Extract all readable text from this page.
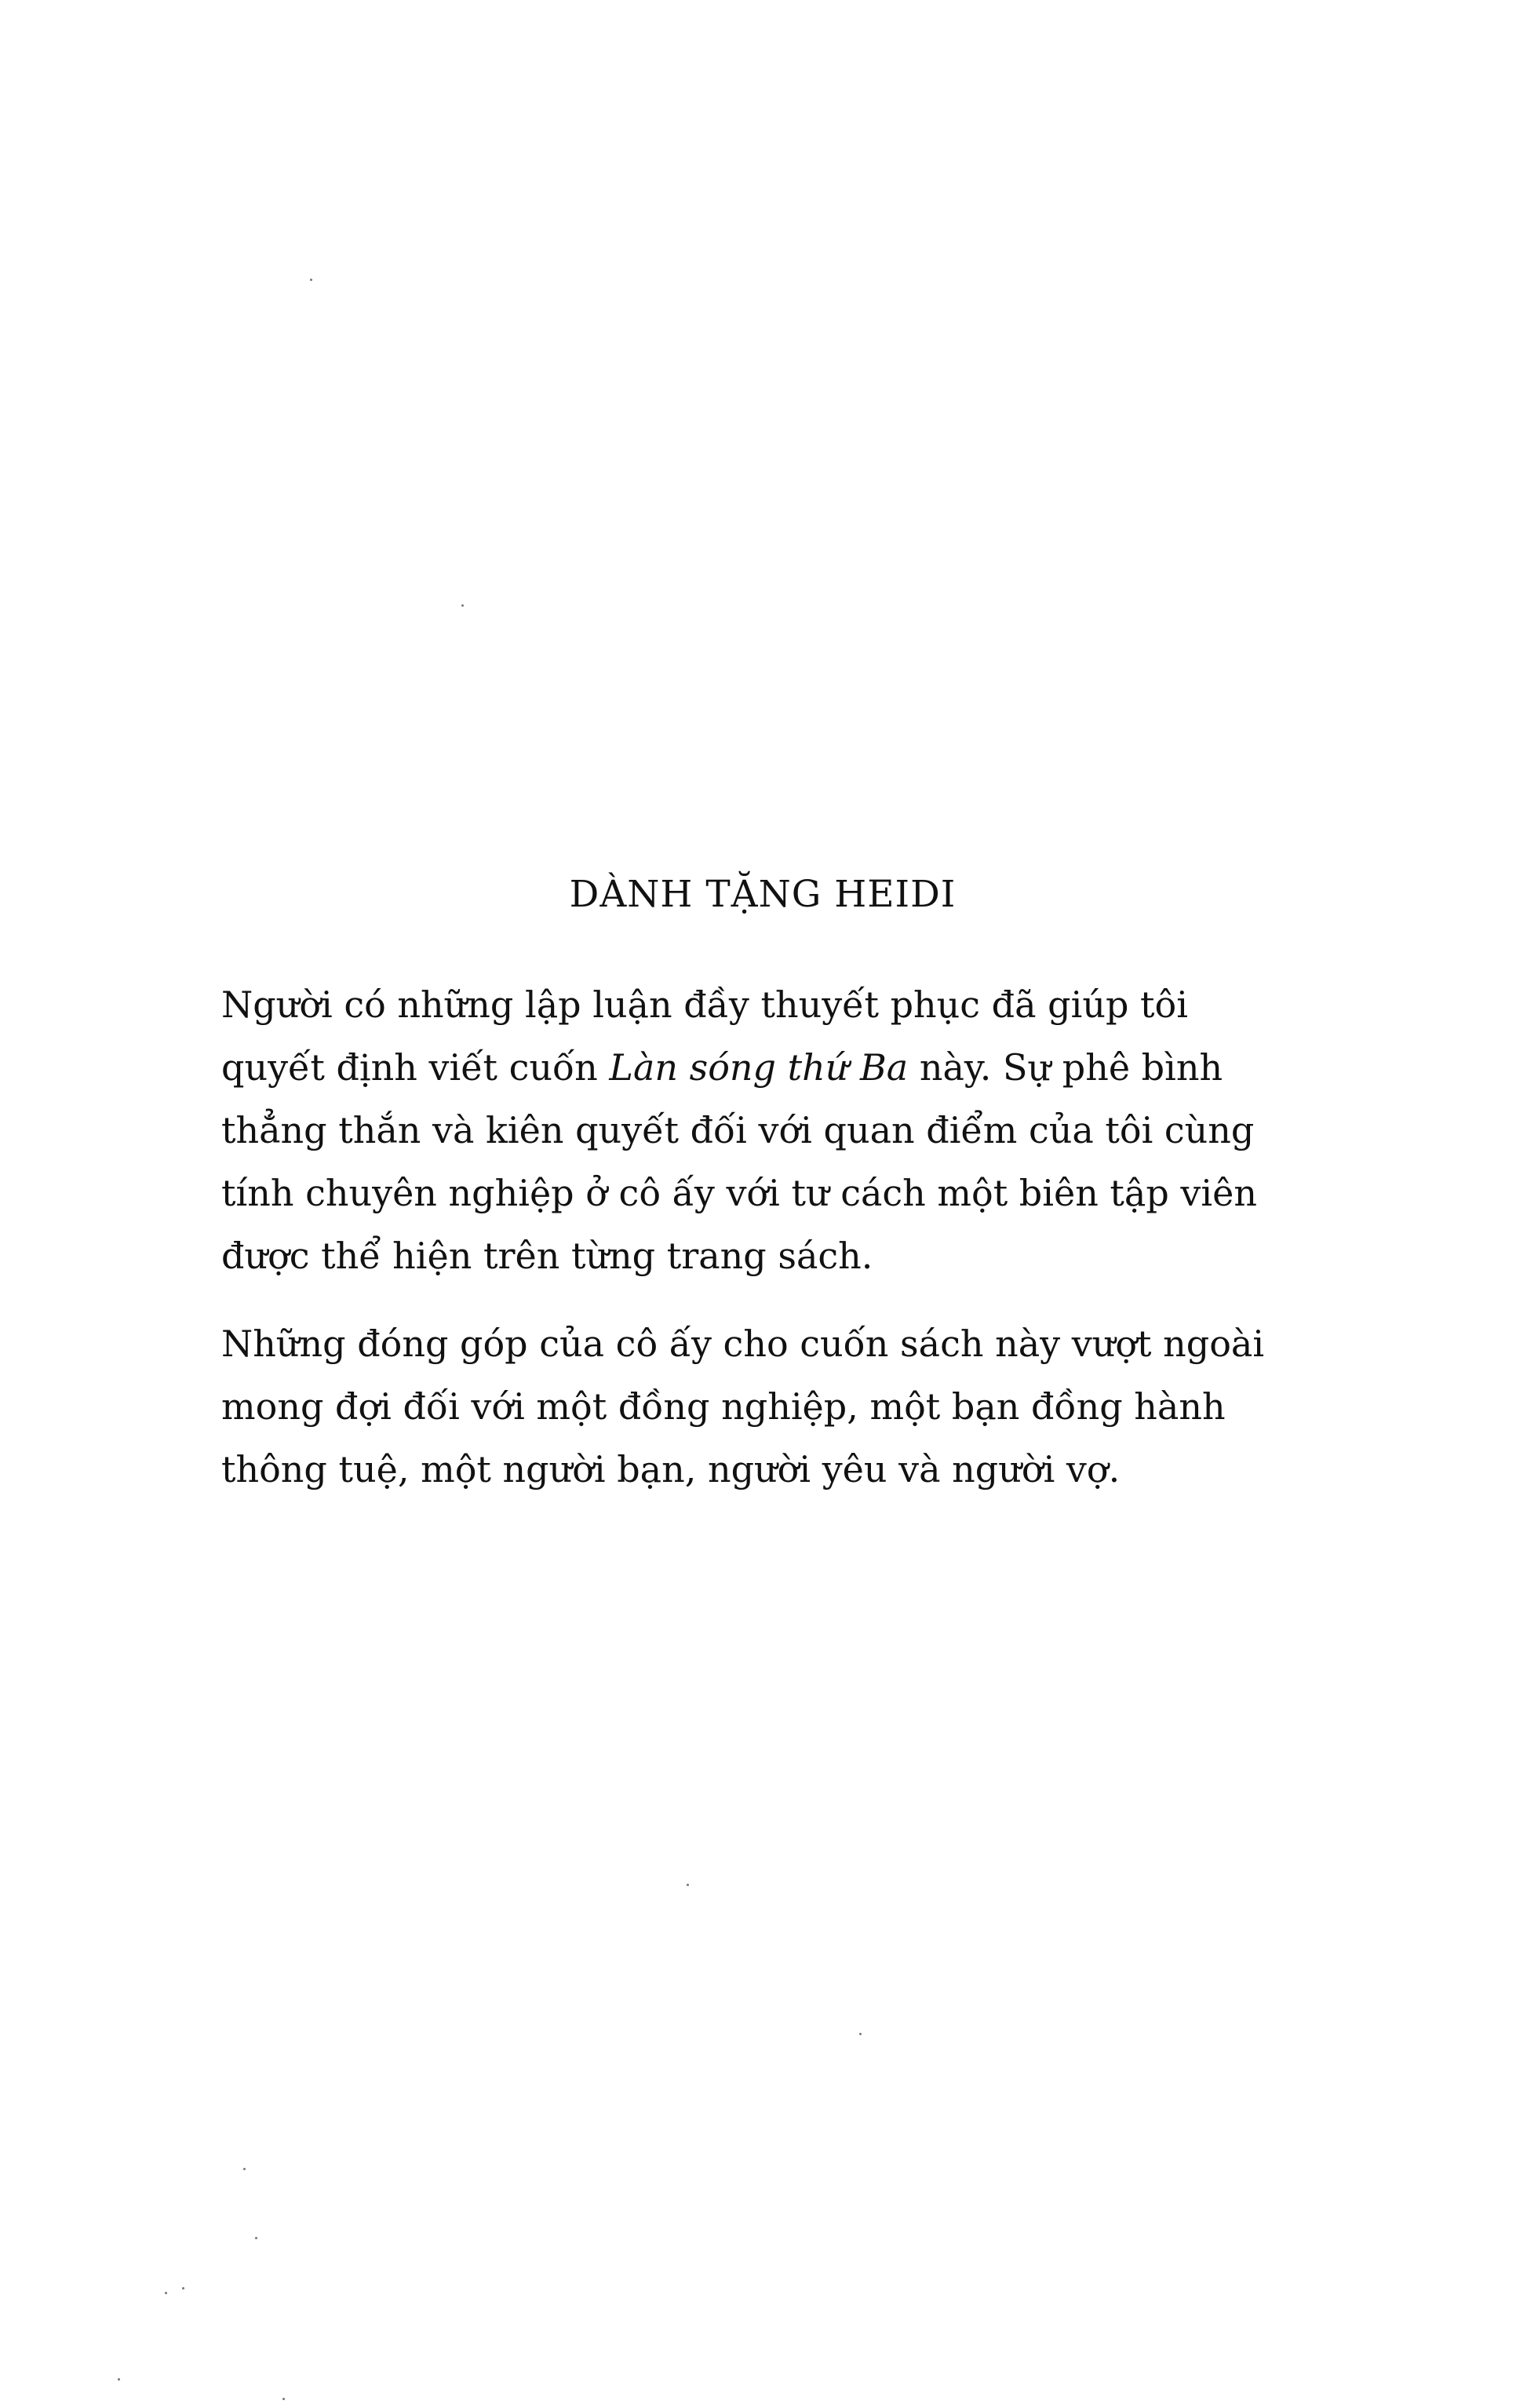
DÀNH TẶNG HEIDI

Người có những lập luận đầy thuyết phục đã giúp tôi quyết định viết cuốn Làn sóng thứ Ba này. Sự phê bình thẳng thắn và kiên quyết đối với quan điểm của tôi cùng tính chuyên nghiệp ở cô ấy với tư cách một biên tập viên được thể hiện trên từng trang sách.

Những đóng góp của cô ấy cho cuốn sách này vượt ngoài mong đợi đối với một đồng nghiệp, một bạn đồng hành thông tuệ, một người bạn, người yêu và người vợ.
